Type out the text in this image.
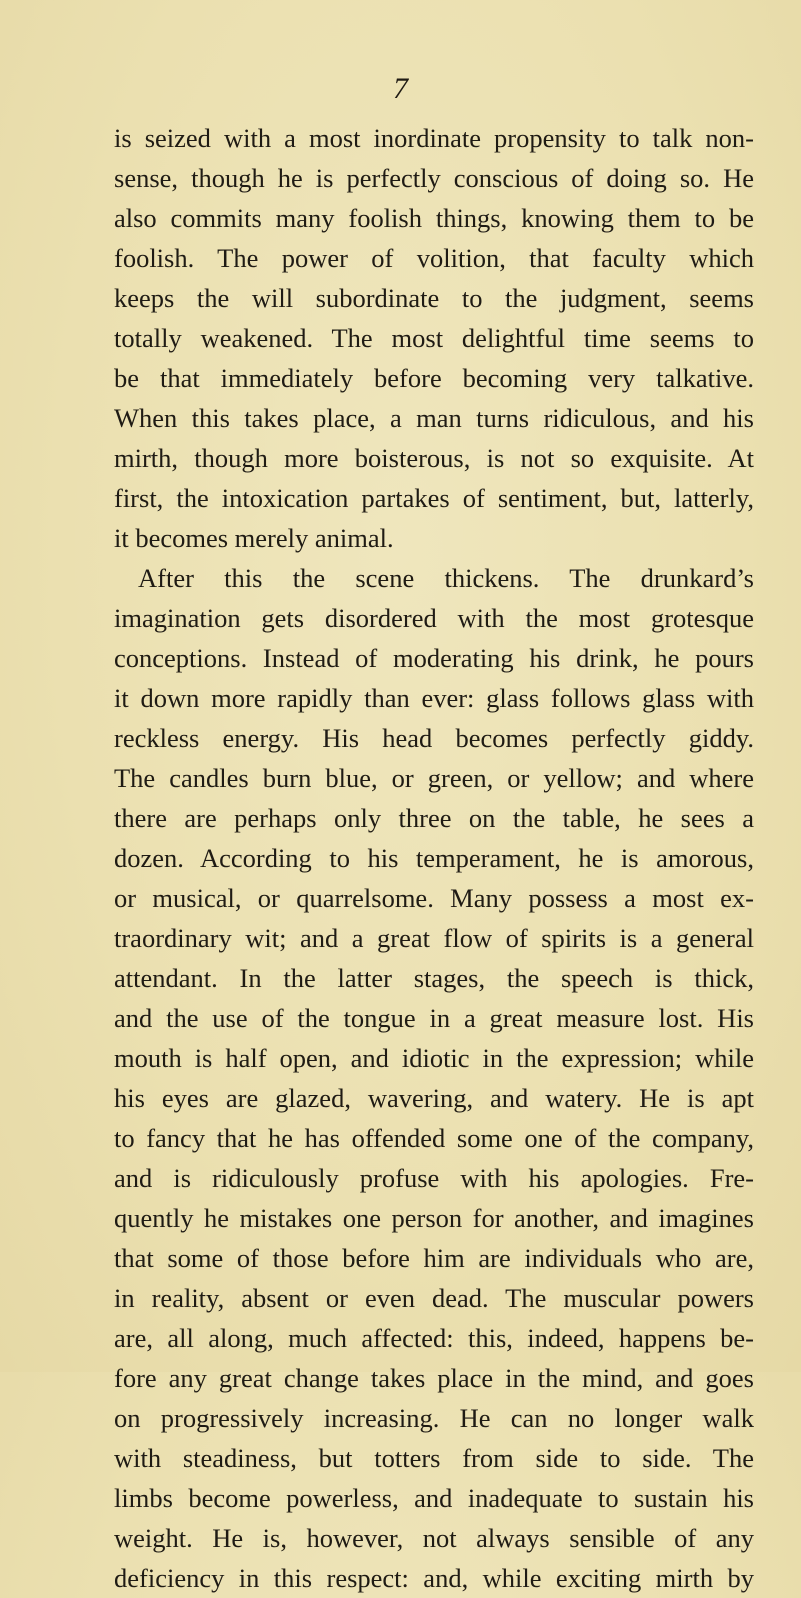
7
is seized with a most inordinate propensity to talk non-
sense, though he is perfectly conscious of doing so. He
also commits many foolish things, knowing them to be
foolish. The power of volition, that faculty which
keeps the will subordinate to the judgment, seems
totally weakened. The most delightful time seems to
be that immediately before becoming very talkative.
When this takes place, a man turns ridiculous, and his
mirth, though more boisterous, is not so exquisite. At
first, the intoxication partakes of sentiment, but, latterly,
it becomes merely animal.
After this the scene thickens. The drunkard’s
imagination gets disordered with the most grotesque
conceptions. Instead of moderating his drink, he pours
it down more rapidly than ever: glass follows glass with
reckless energy. His head becomes perfectly giddy.
The candles burn blue, or green, or yellow; and where
there are perhaps only three on the table, he sees a
dozen. According to his temperament, he is amorous,
or musical, or quarrelsome. Many possess a most ex-
traordinary wit; and a great flow of spirits is a general
attendant. In the latter stages, the speech is thick,
and the use of the tongue in a great measure lost. His
mouth is half open, and idiotic in the expression; while
his eyes are glazed, wavering, and watery. He is apt
to fancy that he has offended some one of the company,
and is ridiculously profuse with his apologies. Fre-
quently he mistakes one person for another, and imagines
that some of those before him are individuals who are,
in reality, absent or even dead. The muscular powers
are, all along, much affected: this, indeed, happens be-
fore any great change takes place in the mind, and goes
on progressively increasing. He can no longer walk
with steadiness, but totters from side to side. The
limbs become powerless, and inadequate to sustain his
weight. He is, however, not always sensible of any
deficiency in this respect: and, while exciting mirth by
